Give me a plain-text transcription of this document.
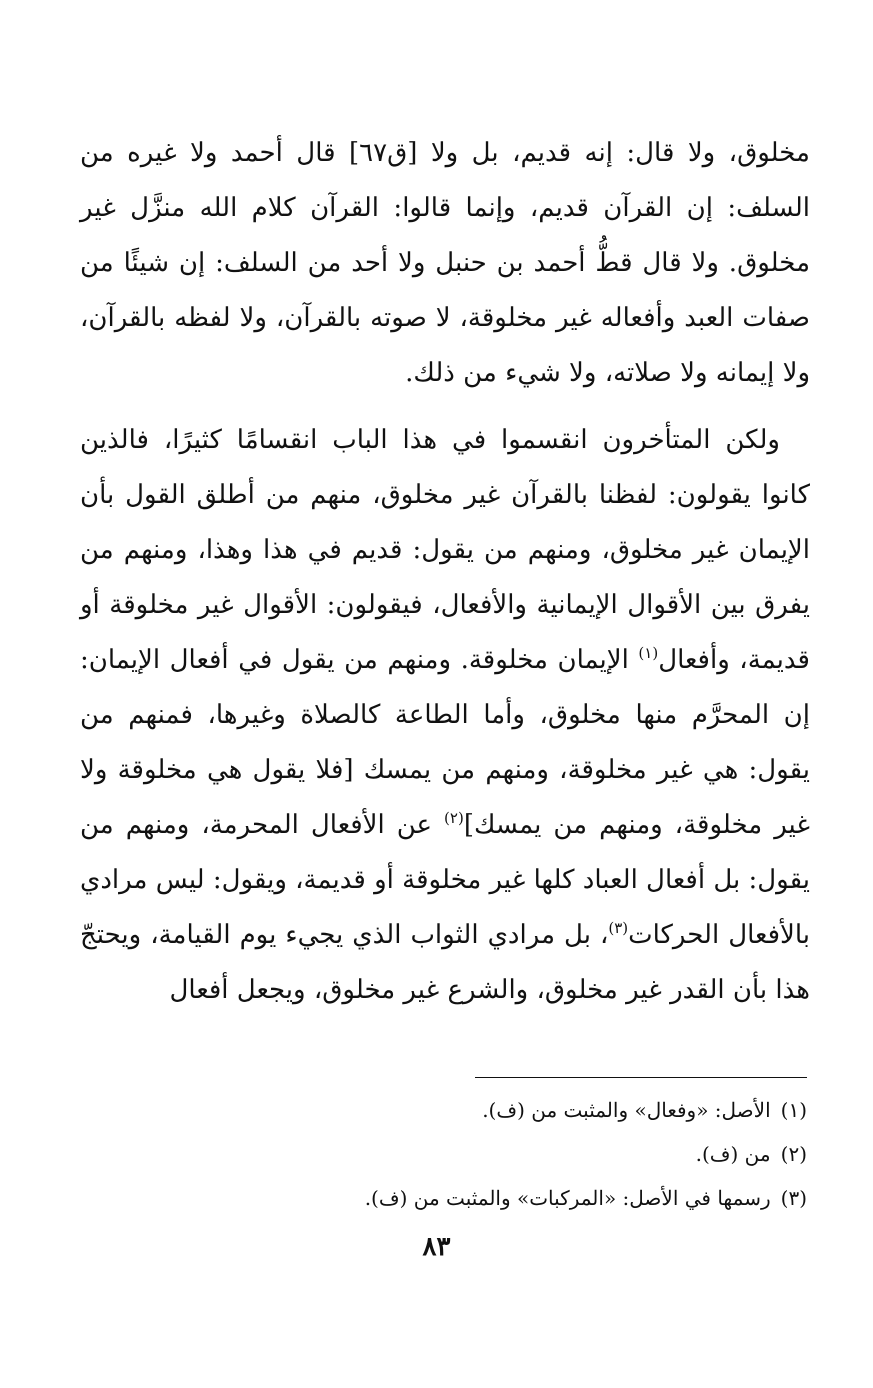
مخلوق، ولا قال: إنه قديم، بل ولا [ق٦٧] قال أحمد ولا غيره من السلف: إن القرآن قديم، وإنما قالوا: القرآن كلام الله منزَّل غير مخلوق. ولا قال قطُّ أحمد بن حنبل ولا أحد من السلف: إن شيئًا من صفات العبد وأفعاله غير مخلوقة، لا صوته بالقرآن، ولا لفظه بالقرآن، ولا إيمانه ولا صلاته، ولا شيء من ذلك.

ولكن المتأخرون انقسموا في هذا الباب انقسامًا كثيرًا، فالذين كانوا يقولون: لفظنا بالقرآن غير مخلوق، منهم من أطلق القول بأن الإيمان غير مخلوق، ومنهم من يقول: قديم في هذا وهذا، ومنهم من يفرق بين الأقوال الإيمانية والأفعال، فيقولون: الأقوال غير مخلوقة أو قديمة، وأفعال$^{(١)}$ الإيمان مخلوقة. ومنهم من يقول في أفعال الإيمان: إن المحرَّم منها مخلوق، وأما الطاعة كالصلاة وغيرها، فمنهم من يقول: هي غير مخلوقة، ومنهم من يمسك [فلا يقول هي مخلوقة ولا غير مخلوقة، ومنهم من يمسك]$^{(٢)}$ عن الأفعال المحرمة، ومنهم من يقول: بل أفعال العباد كلها غير مخلوقة أو قديمة، ويقول: ليس مرادي بالأفعال الحركات$^{(٣)}$، بل مرادي الثواب الذي يجيء يوم القيامة، ويحتجّ هذا بأن القدر غير مخلوق، والشرع غير مخلوق، ويجعل أفعال

(١)الأصل: «وفعال» والمثبت من (ف).

(٢)من (ف).

(٣)رسمها في الأصل: «المركبات» والمثبت من (ف).

٨٣
